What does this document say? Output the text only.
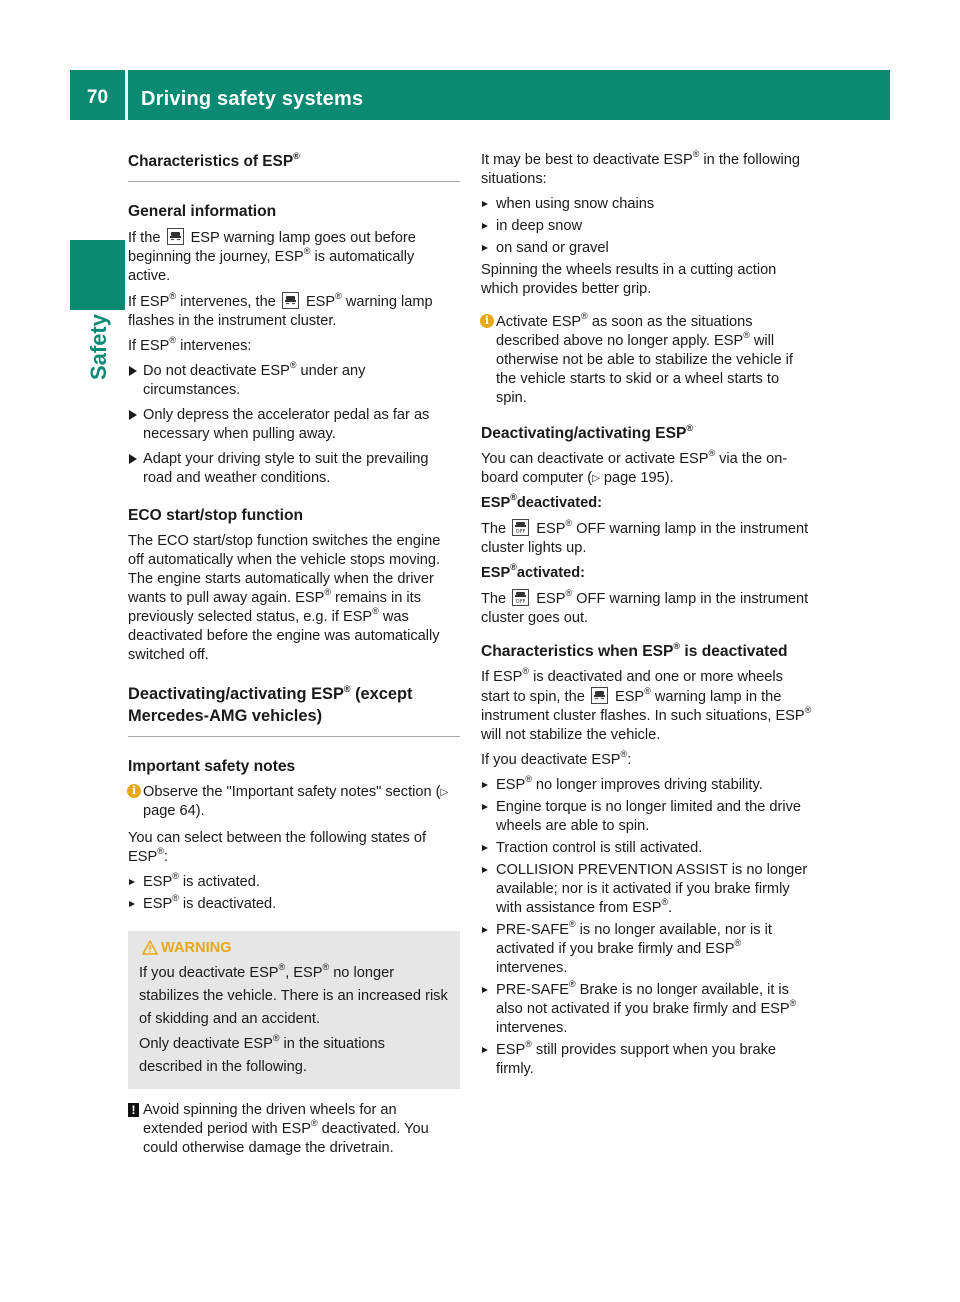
70	Driving safety systems
Safety
Characteristics of ESP®
General information
If the ESP warning lamp goes out before beginning the journey, ESP® is automatically active.
If ESP® intervenes, the ESP® warning lamp flashes in the instrument cluster.
If ESP® intervenes:
Do not deactivate ESP® under any circumstances.
Only depress the accelerator pedal as far as necessary when pulling away.
Adapt your driving style to suit the prevailing road and weather conditions.
ECO start/stop function
The ECO start/stop function switches the engine off automatically when the vehicle stops moving. The engine starts automatically when the driver wants to pull away again. ESP® remains in its previously selected status, e.g. if ESP® was deactivated before the engine was automatically switched off.
Deactivating/activating ESP® (except Mercedes-AMG vehicles)
Important safety notes
i Observe the "Important safety notes" section (▷ page 64).
You can select between the following states of ESP®:
ESP® is activated.
ESP® is deactivated.
WARNING
If you deactivate ESP®, ESP® no longer stabilizes the vehicle. There is an increased risk of skidding and an accident.
Only deactivate ESP® in the situations described in the following.
! Avoid spinning the driven wheels for an extended period with ESP® deactivated. You could otherwise damage the drivetrain.
It may be best to deactivate ESP® in the following situations:
when using snow chains
in deep snow
on sand or gravel
Spinning the wheels results in a cutting action which provides better grip.
i Activate ESP® as soon as the situations described above no longer apply. ESP® will otherwise not be able to stabilize the vehicle if the vehicle starts to skid or a wheel starts to spin.
Deactivating/activating ESP®
You can deactivate or activate ESP® via the on-board computer (▷ page 195).
ESP®deactivated:
The OFF ESP® OFF warning lamp in the instrument cluster lights up.
ESP®activated:
The OFF ESP® OFF warning lamp in the instrument cluster goes out.
Characteristics when ESP® is deactivated
If ESP® is deactivated and one or more wheels start to spin, the ESP® warning lamp in the instrument cluster flashes. In such situations, ESP® will not stabilize the vehicle.
If you deactivate ESP®:
ESP® no longer improves driving stability.
Engine torque is no longer limited and the drive wheels are able to spin.
Traction control is still activated.
COLLISION PREVENTION ASSIST is no longer available; nor is it activated if you brake firmly with assistance from ESP®.
PRE-SAFE® is no longer available, nor is it activated if you brake firmly and ESP® intervenes.
PRE-SAFE® Brake is no longer available, it is also not activated if you brake firmly and ESP® intervenes.
ESP® still provides support when you brake firmly.
